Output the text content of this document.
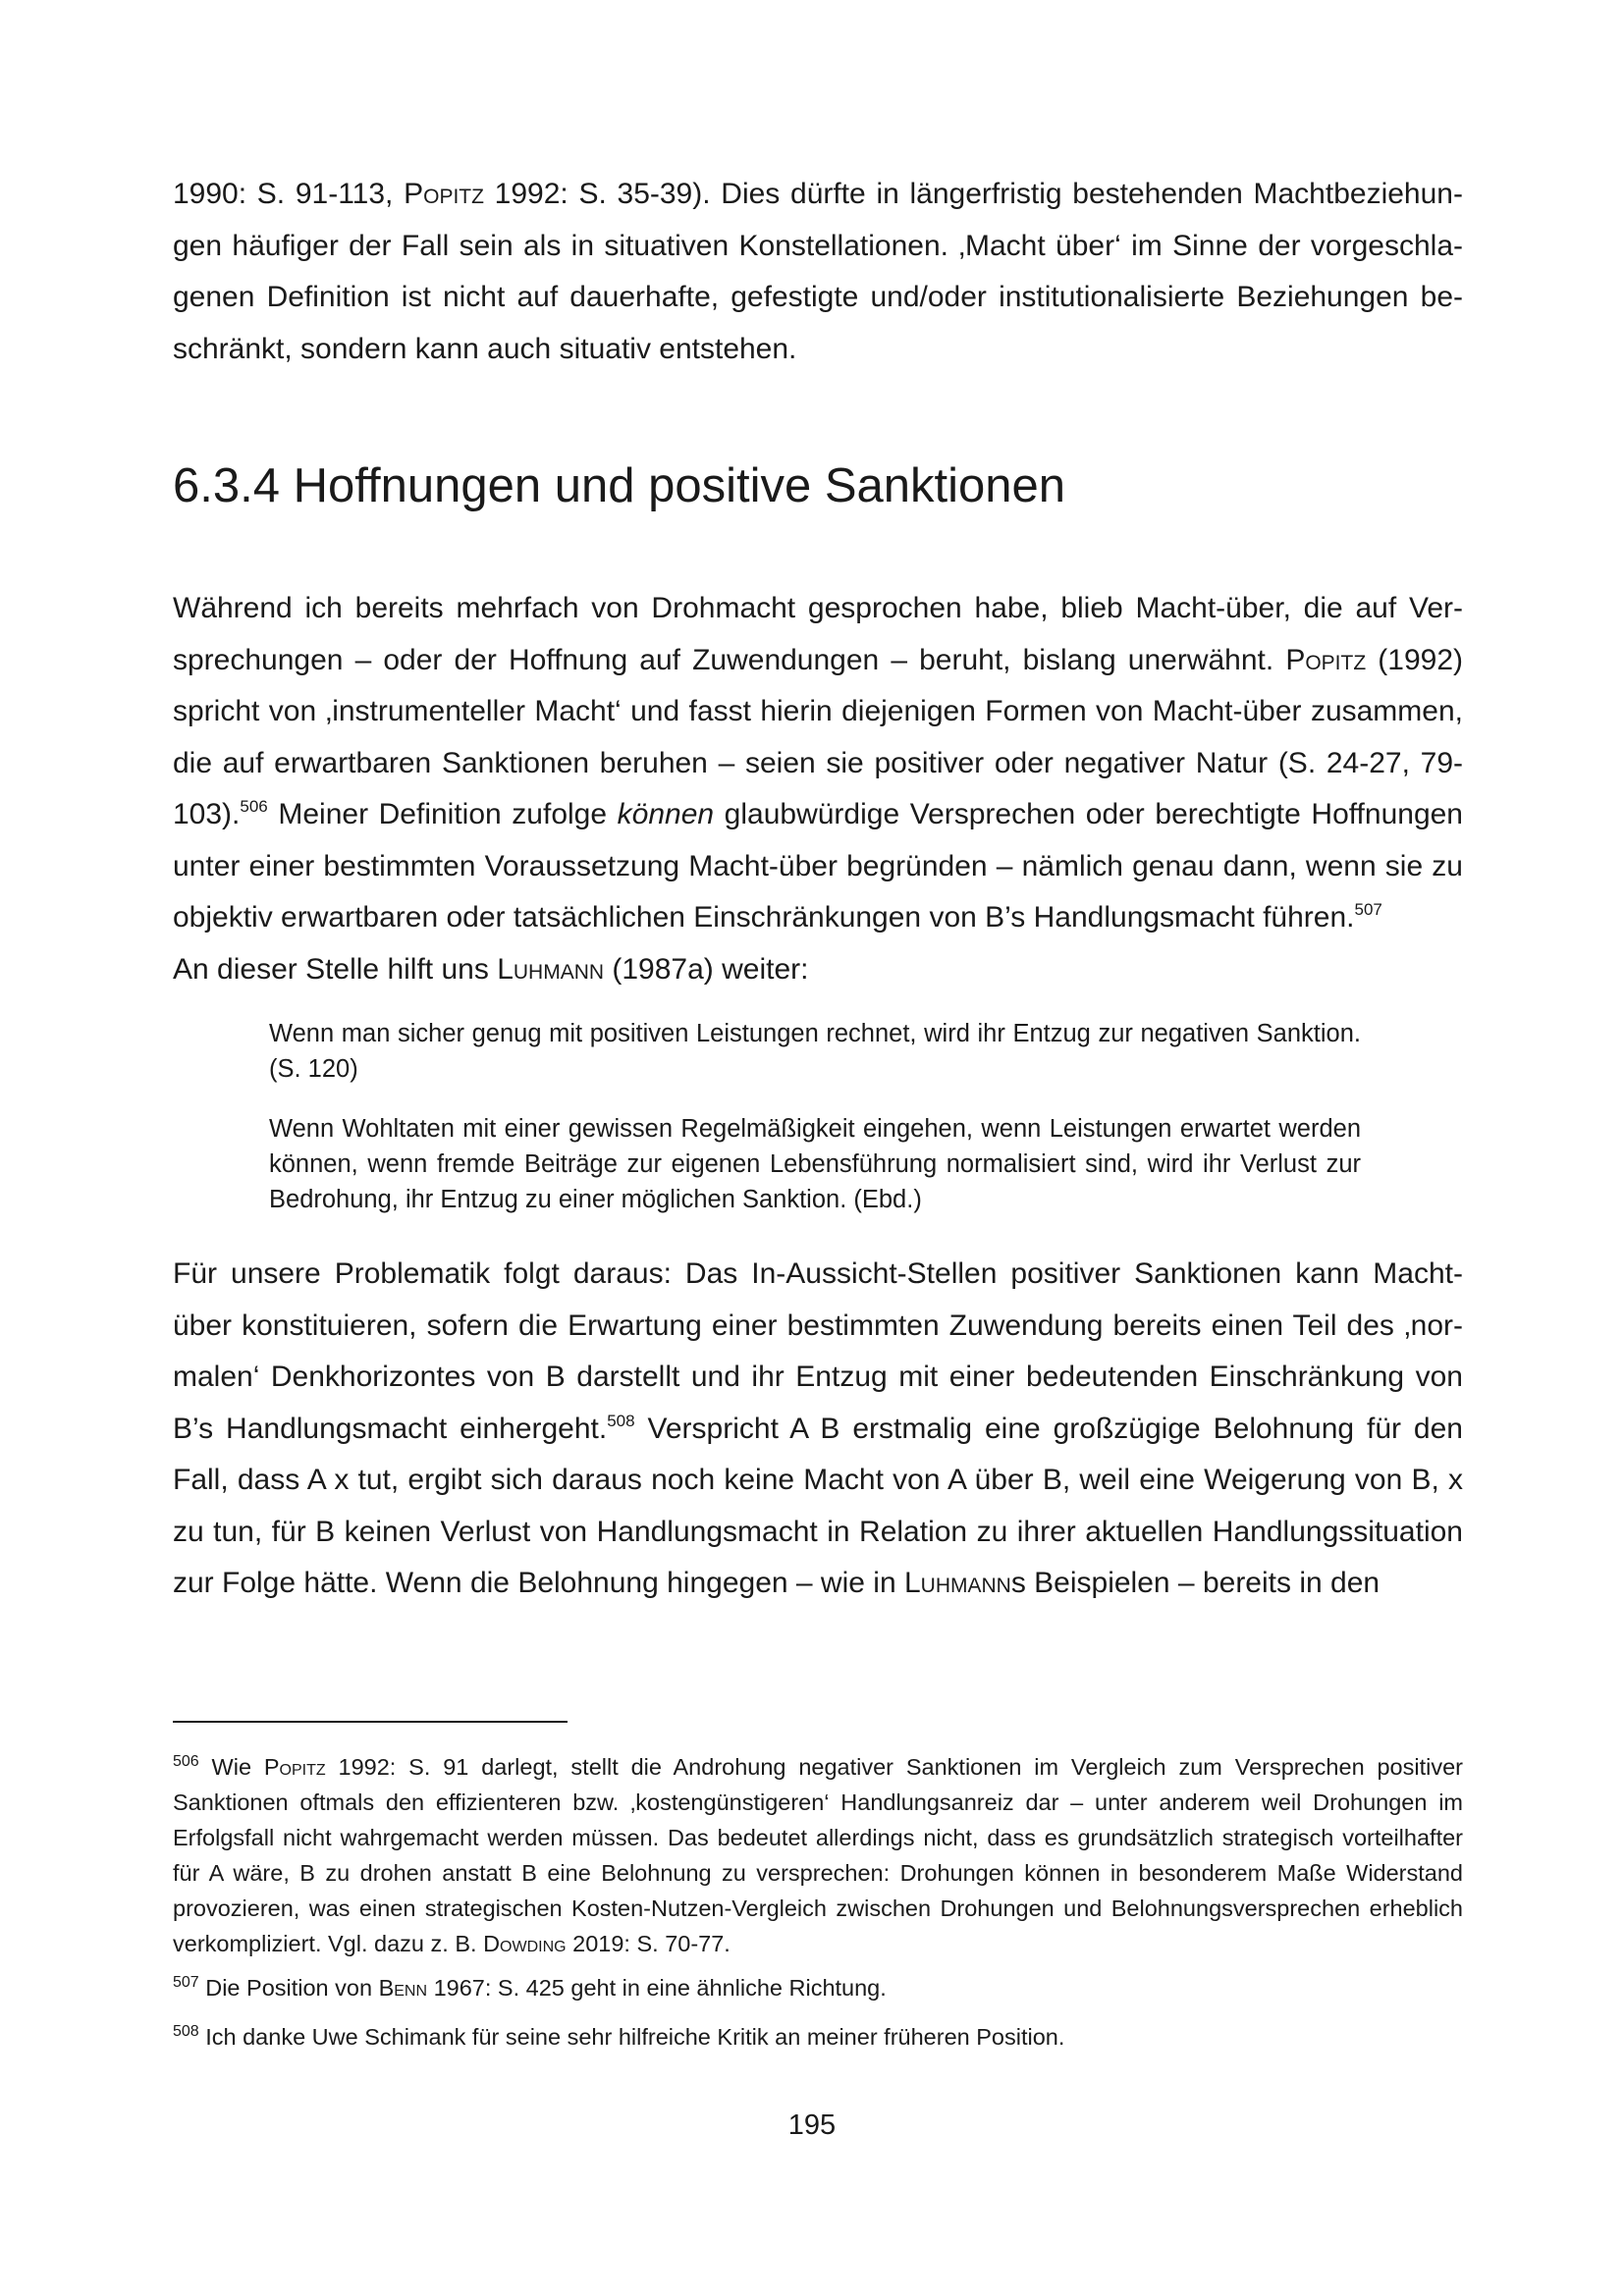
1990: S. 91-113, Popitz 1992: S. 35-39). Dies dürfte in längerfristig bestehenden Machtbeziehungen häufiger der Fall sein als in situativen Konstellationen. ‚Macht über‘ im Sinne der vorgeschlagenen Definition ist nicht auf dauerhafte, gefestigte und/oder institutionalisierte Beziehungen beschränkt, sondern kann auch situativ entstehen.

6.3.4 Hoffnungen und positive Sanktionen

Während ich bereits mehrfach von Drohmacht gesprochen habe, blieb Macht-über, die auf Versprechungen – oder der Hoffnung auf Zuwendungen – beruht, bislang unerwähnt. Popitz (1992) spricht von ‚instrumenteller Macht‘ und fasst hierin diejenigen Formen von Macht-über zusammen, die auf erwartbaren Sanktionen beruhen – seien sie positiver oder negativer Natur (S. 24-27, 79-103).$^{506}$ Meiner Definition zufolge können glaubwürdige Versprechen oder berechtigte Hoffnungen unter einer bestimmten Voraussetzung Macht-über begründen – nämlich genau dann, wenn sie zu objektiv erwartbaren oder tatsächlichen Einschränkungen von B’s Handlungsmacht führen.$^{507}$
An dieser Stelle hilft uns Luhmann (1987a) weiter:

Wenn man sicher genug mit positiven Leistungen rechnet, wird ihr Entzug zur negativen Sanktion. (S. 120)

Wenn Wohltaten mit einer gewissen Regelmäßigkeit eingehen, wenn Leistungen erwartet werden können, wenn fremde Beiträge zur eigenen Lebensführung normalisiert sind, wird ihr Verlust zur Bedrohung, ihr Entzug zu einer möglichen Sanktion. (Ebd.)

Für unsere Problematik folgt daraus: Das In-Aussicht-Stellen positiver Sanktionen kann Macht-über konstituieren, sofern die Erwartung einer bestimmten Zuwendung bereits einen Teil des ‚normalen‘ Denkhorizontes von B darstellt und ihr Entzug mit einer bedeutenden Einschränkung von B’s Handlungsmacht einhergeht.$^{508}$ Verspricht A B erstmalig eine großzügige Belohnung für den Fall, dass A x tut, ergibt sich daraus noch keine Macht von A über B, weil eine Weigerung von B, x zu tun, für B keinen Verlust von Handlungsmacht in Relation zu ihrer aktuellen Handlungssituation zur Folge hätte. Wenn die Belohnung hingegen – wie in Luhmanns Beispielen – bereits in den

$^{506}$ Wie Popitz 1992: S. 91 darlegt, stellt die Androhung negativer Sanktionen im Vergleich zum Versprechen positiver Sanktionen oftmals den effizienteren bzw. ‚kostengünstigeren‘ Handlungsanreiz dar – unter anderem weil Drohungen im Erfolgsfall nicht wahrgemacht werden müssen. Das bedeutet allerdings nicht, dass es grundsätzlich strategisch vorteilhafter für A wäre, B zu drohen anstatt B eine Belohnung zu versprechen: Drohungen können in besonderem Maße Widerstand provozieren, was einen strategischen Kosten-Nutzen-Vergleich zwischen Drohungen und Belohnungsversprechen erheblich verkompliziert. Vgl. dazu z. B. Dowding 2019: S. 70-77.

$^{507}$ Die Position von Benn 1967: S. 425 geht in eine ähnliche Richtung.

$^{508}$ Ich danke Uwe Schimank für seine sehr hilfreiche Kritik an meiner früheren Position.

195
